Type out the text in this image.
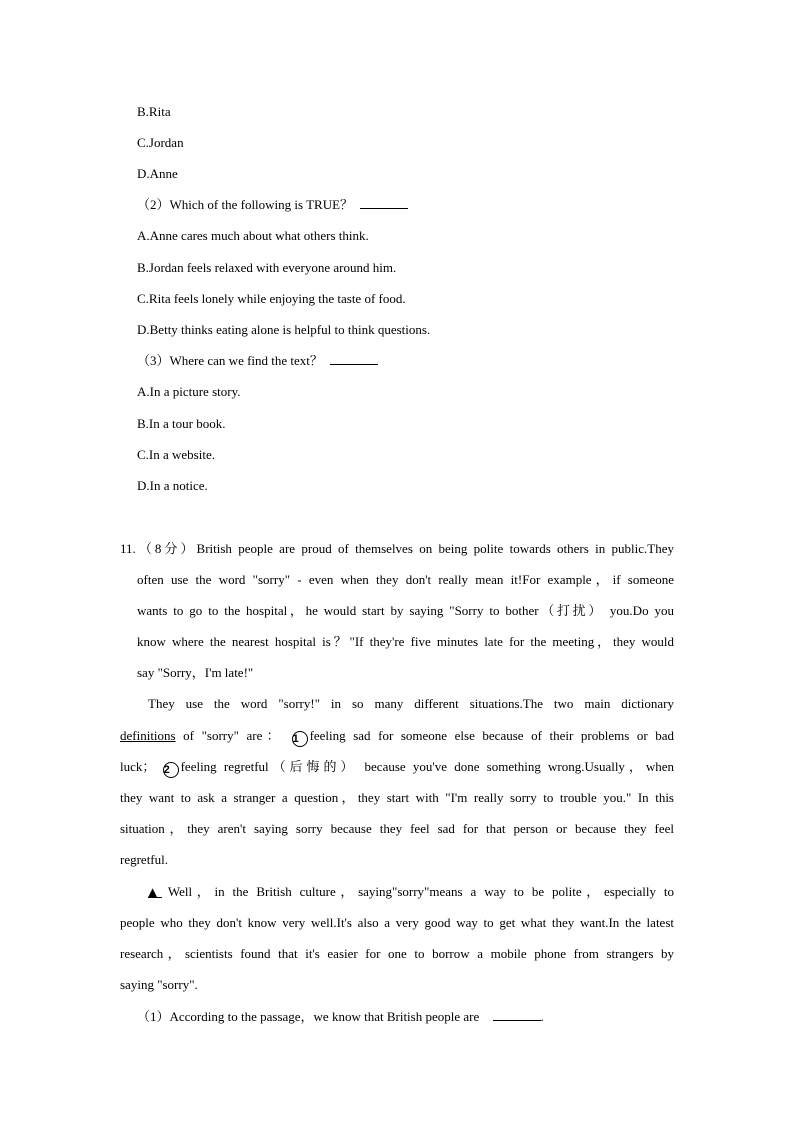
B.Rita
C.Jordan
D.Anne
（2）Which of the following is TRUE？
A.Anne cares much about what others think.
B.Jordan feels relaxed with everyone around him.
C.Rita feels lonely while enjoying the taste of food.
D.Betty thinks eating alone is helpful to think questions.
（3）Where can we find the text？
A.In a picture story.
B.In a tour book.
C.In a website.
D.In a notice.
11.（8分）British people are proud of themselves on being polite towards others in public.They
often use the word "sorry" - even when they don't really mean it!For example，if someone
wants to go to the hospital，he would start by saying "Sorry to bother（打扰） you.Do you
know where the nearest hospital is？"If they're five minutes late for the meeting，they would
say "Sorry，I'm late!"
They use the word "sorry!" in so many different situations.The two main dictionary
definitions of "sorry" are： 1 feeling sad for someone else because of their problems or bad
luck； 2 feeling regretful（后悔的） because you've done something wrong.Usually，when
they want to ask a stranger a question，they start with "I'm really sorry to trouble you." In this
situation，they aren't saying sorry because they feel sad for that person or because they feel
regretful.
▲ Well，in the British culture，saying"sorry"means a way to be polite，especially to
people who they don't know very well.It's also a very good way to get what they want.In the latest
research，scientists found that it's easier for one to borrow a mobile phone from strangers by
saying "sorry".
（1）According to the passage，we know that British people are	.
